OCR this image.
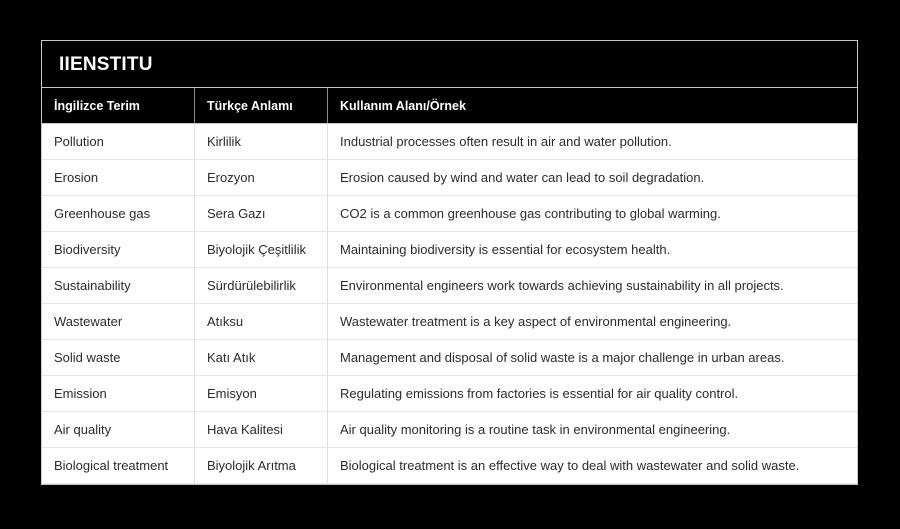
IIENSTITU
İngilizce Terim	Türkçe Anlamı	Kullanım Alanı/Örnek
Pollution	Kirlilik	Industrial processes often result in air and water pollution.
Erosion	Erozyon	Erosion caused by wind and water can lead to soil degradation.
Greenhouse gas	Sera Gazı	CO2 is a common greenhouse gas contributing to global warming.
Biodiversity	Biyolojik Çeşitlilik	Maintaining biodiversity is essential for ecosystem health.
Sustainability	Sürdürülebilirlik	Environmental engineers work towards achieving sustainability in all projects.
Wastewater	Atıksu	Wastewater treatment is a key aspect of environmental engineering.
Solid waste	Katı Atık	Management and disposal of solid waste is a major challenge in urban areas.
Emission	Emisyon	Regulating emissions from factories is essential for air quality control.
Air quality	Hava Kalitesi	Air quality monitoring is a routine task in environmental engineering.
Biological treatment	Biyolojik Arıtma	Biological treatment is an effective way to deal with wastewater and solid waste.
